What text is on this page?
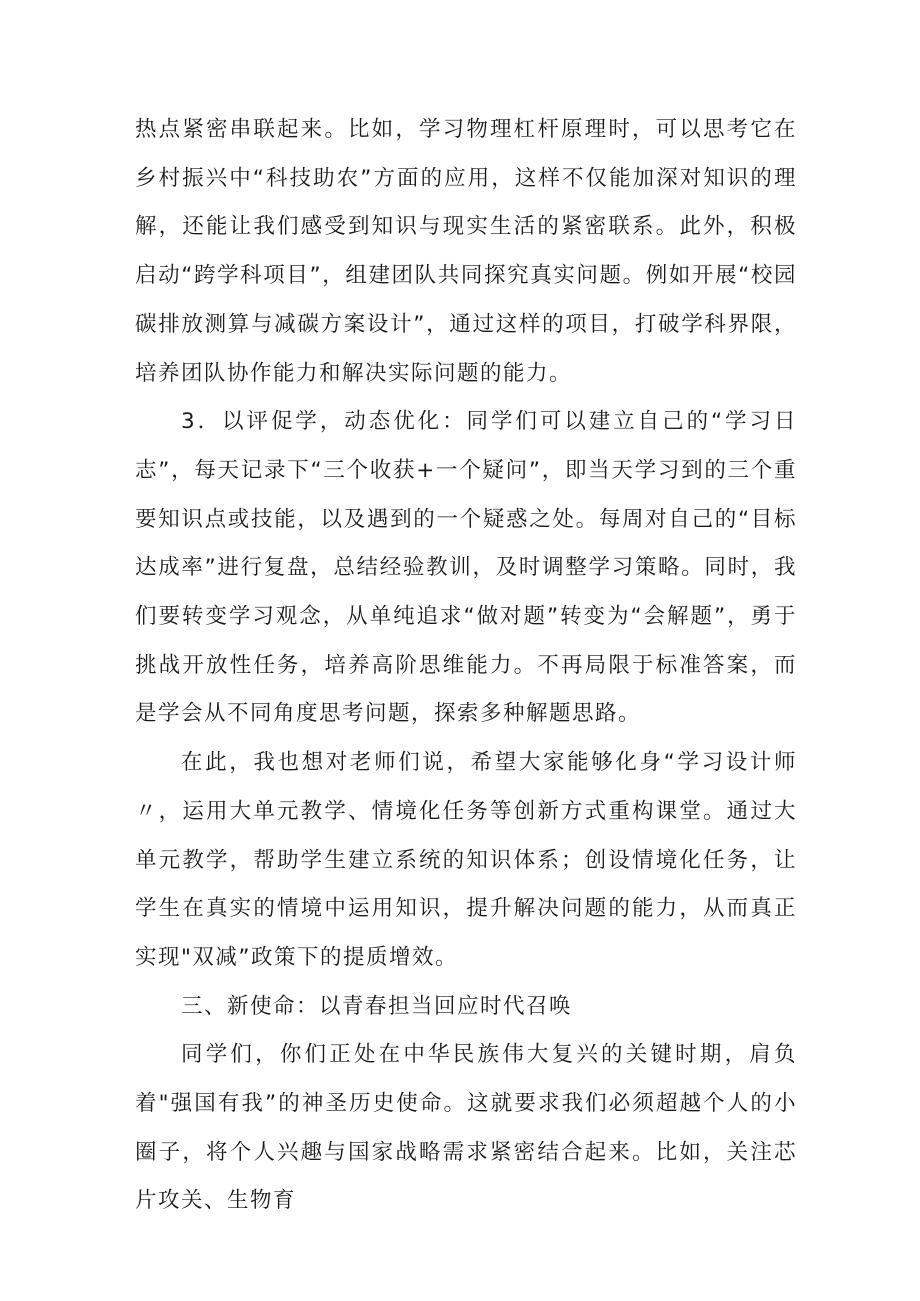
热点紧密串联起来。比如，学习物理杠杆原理时，可以思考它在乡村振兴中“科技助农”方面的应用，这样不仅能加深对知识的理解，还能让我们感受到知识与现实生活的紧密联系。此外，积极启动“跨学科项目”，组建团队共同探究真实问题。例如开展“校园碳排放测算与减碳方案设计”，通过这样的项目，打破学科界限，培养团队协作能力和解决实际问题的能力。

3．以评促学，动态优化：同学们可以建立自己的“学习日志”，每天记录下“三个收获+一个疑问”，即当天学习到的三个重要知识点或技能，以及遇到的一个疑惑之处。每周对自己的“目标达成率”进行复盘，总结经验教训，及时调整学习策略。同时，我们要转变学习观念，从单纯追求“做对题”转变为“会解题”，勇于挑战开放性任务，培养高阶思维能力。不再局限于标准答案，而是学会从不同角度思考问题，探索多种解题思路。

在此，我也想对老师们说，希望大家能够化身“学习设计师〃，运用大单元教学、情境化任务等创新方式重构课堂。通过大单元教学，帮助学生建立系统的知识体系；创设情境化任务，让学生在真实的情境中运用知识，提升解决问题的能力，从而真正实现"双减”政策下的提质增效。

三、新使命：以青春担当回应时代召唤

同学们，你们正处在中华民族伟大复兴的关键时期，肩负着"强国有我”的神圣历史使命。这就要求我们必须超越个人的小圈子，将个人兴趣与国家战略需求紧密结合起来。比如，关注芯片攻关、生物育
